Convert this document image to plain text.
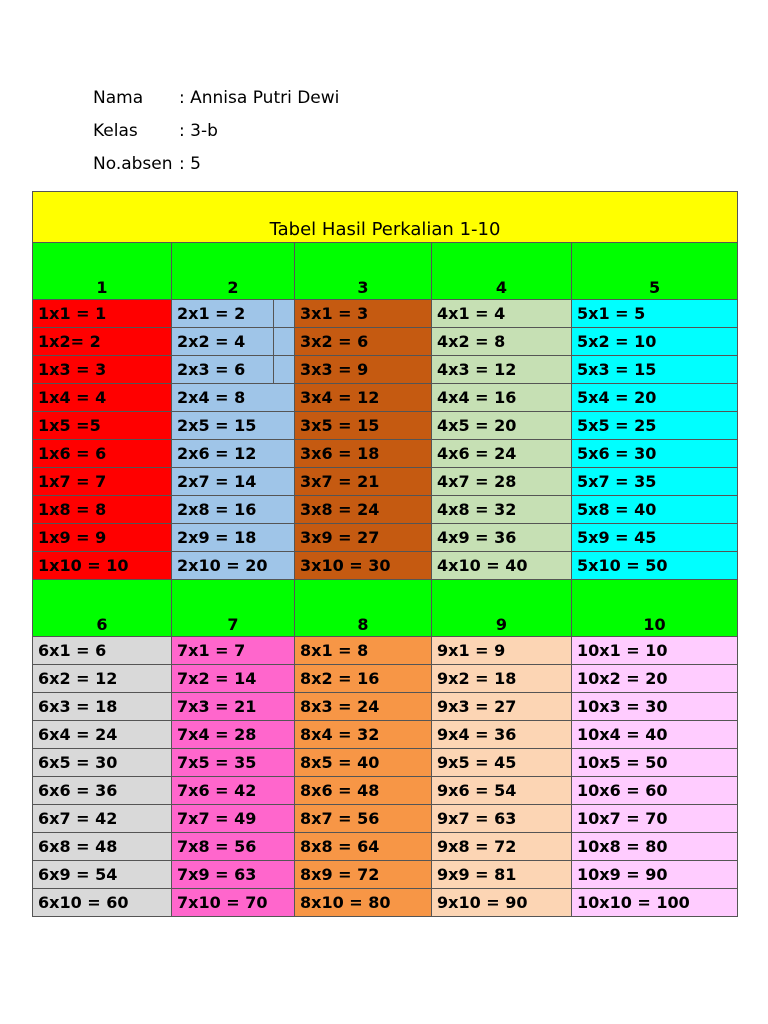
Nama : Annisa Putri Dewi
Kelas : 3-b
No.absen : 5
Tabel Hasil Perkalian 1-10				
1	2	3	4	5
1x1 = 1	2x1 = 2	3x1 = 3	4x1 = 4	5x1 = 5
1x2= 2	2x2 = 4	3x2 = 6	4x2 = 8	5x2 = 10
1x3 = 3	2x3 = 6	3x3 = 9	4x3 = 12	5x3 = 15
1x4 = 4	2x4 = 8	3x4 = 12	4x4 = 16	5x4 = 20
1x5 =5	2x5 = 15	3x5 = 15	4x5 = 20	5x5 = 25
1x6 = 6	2x6 = 12	3x6 = 18	4x6 = 24	5x6 = 30
1x7 = 7	2x7 = 14	3x7 = 21	4x7 = 28	5x7 = 35
1x8 = 8	2x8 = 16	3x8 = 24	4x8 = 32	5x8 = 40
1x9 = 9	2x9 = 18	3x9 = 27	4x9 = 36	5x9 = 45
1x10 = 10	2x10 = 20	3x10 = 30	4x10 = 40	5x10 = 50
6	7	8	9	10
6x1 = 6	7x1 = 7	8x1 = 8	9x1 = 9	10x1 = 10
6x2 = 12	7x2 = 14	8x2 = 16	9x2 = 18	10x2 = 20
6x3 = 18	7x3 = 21	8x3 = 24	9x3 = 27	10x3 = 30
6x4 = 24	7x4 = 28	8x4 = 32	9x4 = 36	10x4 = 40
6x5 = 30	7x5 = 35	8x5 = 40	9x5 = 45	10x5 = 50
6x6 = 36	7x6 = 42	8x6 = 48	9x6 = 54	10x6 = 60
6x7 = 42	7x7 = 49	8x7 = 56	9x7 = 63	10x7 = 70
6x8 = 48	7x8 = 56	8x8 = 64	9x8 = 72	10x8 = 80
6x9 = 54	7x9 = 63	8x9 = 72	9x9 = 81	10x9 = 90
6x10 = 60	7x10 = 70	8x10 = 80	9x10 = 90	10x10 = 100
